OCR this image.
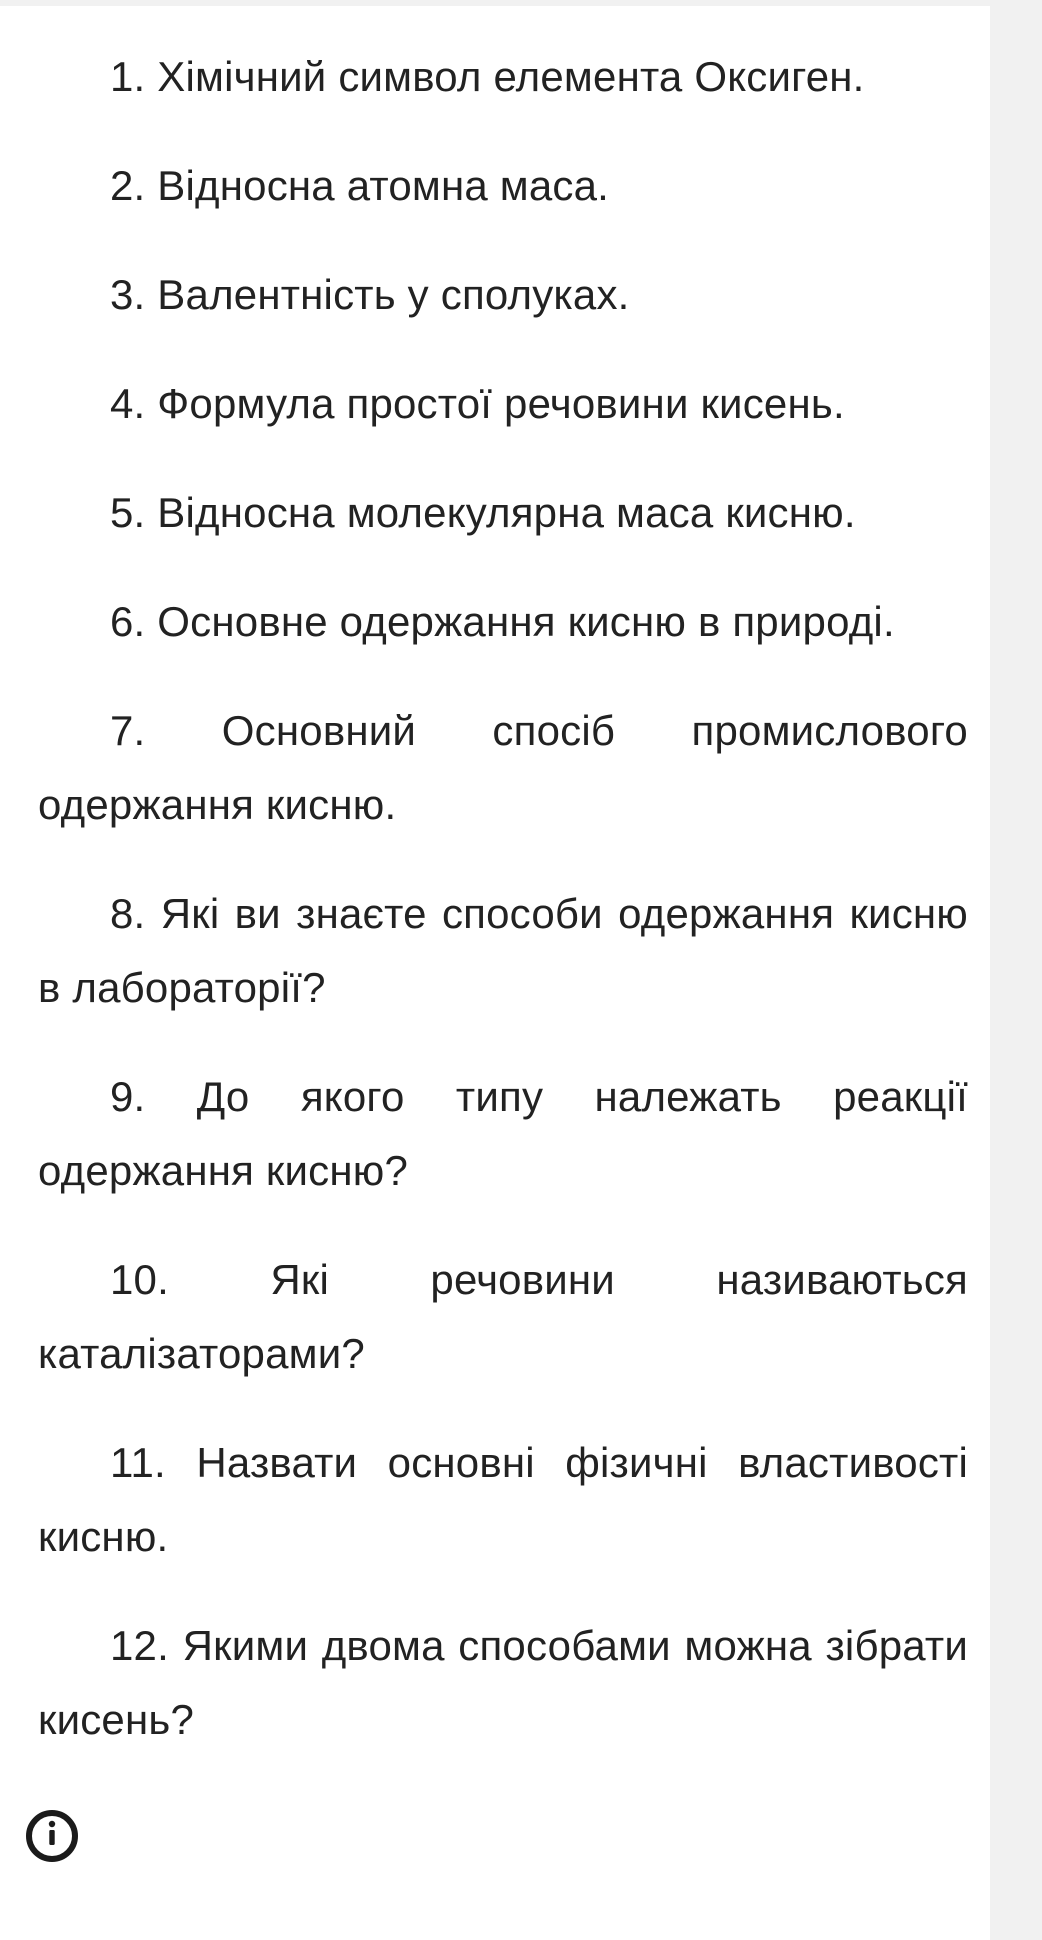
1. Хімічний символ елемента Оксиген.
2. Відносна атомна маса.
3. Валентність у сполуках.
4. Формула простої речовини кисень.
5. Відносна молекулярна маса кисню.
6. Основне одержання кисню в природі.
7. Основний спосіб промислового одержання кисню.
8. Які ви знаєте способи одержання кисню в лабораторії?
9. До якого типу належать реакції одержання кисню?
10. Які речовини називаються каталізаторами?
11. Назвати основні фізичні властивості кисню.
12. Якими двома способами можна зібрати кисень?
